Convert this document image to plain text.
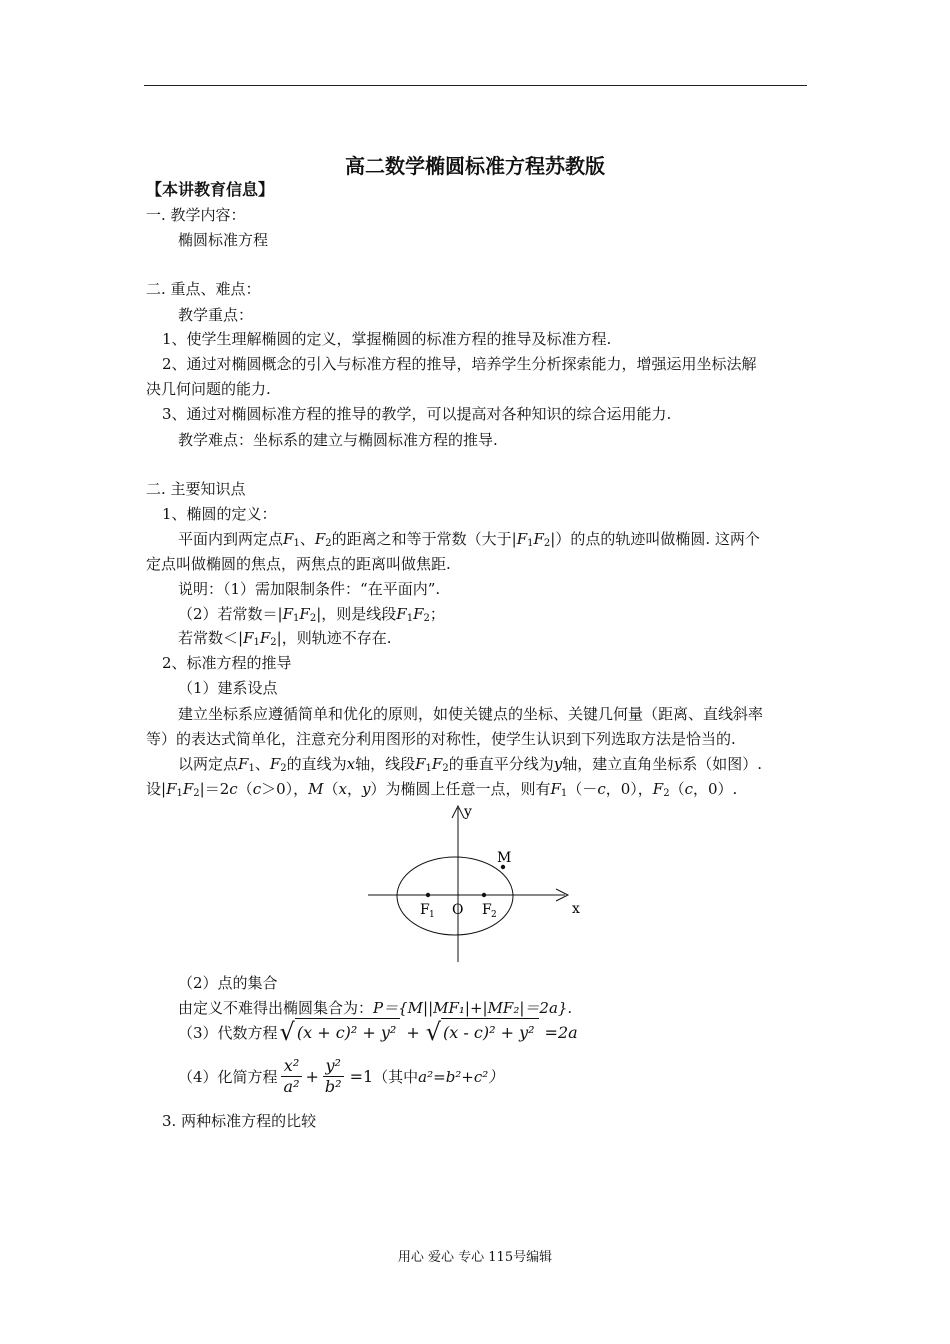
高二数学椭圆标准方程苏教版
【本讲教育信息】
一. 教学内容：
椭圆标准方程
二. 重点、难点：
教学重点：
1、使学生理解椭圆的定义，掌握椭圆的标准方程的推导及标准方程.
2、通过对椭圆概念的引入与标准方程的推导，培养学生分析探索能力，增强运用坐标法解
决几何问题的能力.
3、通过对椭圆标准方程的推导的教学，可以提高对各种知识的综合运用能力.
教学难点：坐标系的建立与椭圆标准方程的推导.
二. 主要知识点
1、椭圆的定义：
平面内到两定点$F_1$、$F_2$的距离之和等于常数（大于$|F_1F_2|$）的点的轨迹叫做椭圆. 这两个
定点叫做椭圆的焦点，两焦点的距离叫做焦距.
说明：（1）需加限制条件：“在平面内”.
（2）若常数$=|F_1F_2|$，则是线段$F_1F_2$；
若常数$<|F_1F_2|$，则轨迹不存在.
2、标准方程的推导
（1）建系设点
建立坐标系应遵循简单和优化的原则，如使关键点的坐标、关键几何量（距离、直线斜率
等）的表达式简单化，注意充分利用图形的对称性，使学生认识到下列选取方法是恰当的.
以两定点$F_1$、$F_2$的直线为x轴，线段$F_1F_2$的垂直平分线为y轴，建立直角坐标系（如图）.
设$|F_1F_2|=2c(c>0)$，M（x，y）为椭圆上任意一点，则有$F_1(-c$，0），$F_2(c$，0）.
y
x
M
O
F 1	F 2
（2）点的集合
由定义不难得出椭圆集合为：P＝{M||MF₁|+|MF₂|＝2a}.
（3）代数方程 √ (x + c)² + y² + √ (x - c)² + y² =2a
（4）化简方程 $\frac{\text{x²}}{\text{a²}} + \frac{\text{y²}}{\text{b²}} =1$ （其中 a²=b²+c²）
3. 两种标准方程的比较
用心 爱心 专心 115号编辑
